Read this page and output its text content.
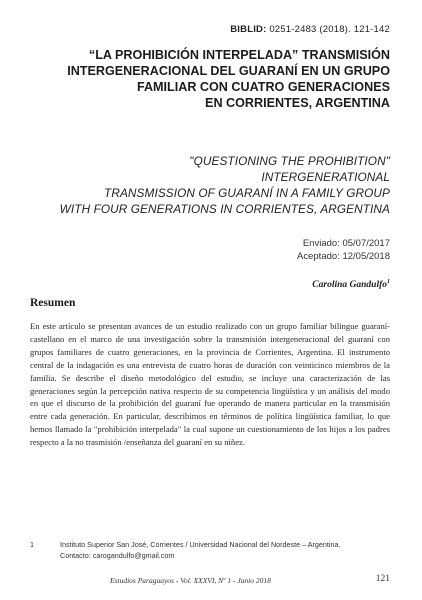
BIBLID: 0251-2483 (2018). 121-142
“LA PROHIBICIÓN INTERPELADA” TRANSMISIÓN
INTERGENERACIONAL DEL GUARANÍ EN UN GRUPO
FAMILIAR CON CUATRO GENERACIONES
EN CORRIENTES, ARGENTINA
"QUESTIONING THE PROHIBITION"
INTERGENERATIONAL
TRANSMISSION OF GUARANÍ IN A FAMILY GROUP
WITH FOUR GENERATIONS IN CORRIENTES, ARGENTINA
Enviado: 05/07/2017
Aceptado: 12/05/2018
Carolina Gandulfo$^1$
Resumen
En este artículo se presentan avances de un estudio realizado con un grupo familiar bilingue guaraní-castellano en el marco de una investigación sobre la transmisión intergeneracional del guaraní con grupos familiares de cuatro generaciones, en la provincia de Corrientes, Argentina. El instrumento central de la indagación es una entrevista de cuatro horas de duración con veinticinco miembros de la familia. Se describe el diseño metodológico del estudio, se incluye una caracterización de las generaciones según la percepción nativa respecto de su competencia lingüística y un análisis del modo en que el discurso de la prohibición del guaraní fue operando de manera particular en la transmisión entre cada generación. En particular, describimos en términos de política lingüística familiar, lo que hemos llamado la "prohibición interpelada" la cual supone un cuestionamiento de los hijos a los padres respecto a la no trasmisión /enseñanza del guaraní en su niñez.
1	Instituto Superior San José, Corrientes / Universidad Nacional del Nordeste – Argentina.
Contacto: carogandulfo@gmail.com
Estudios Paraguayos - Vol. XXXVI, Nº 1 - Junio 2018	121
